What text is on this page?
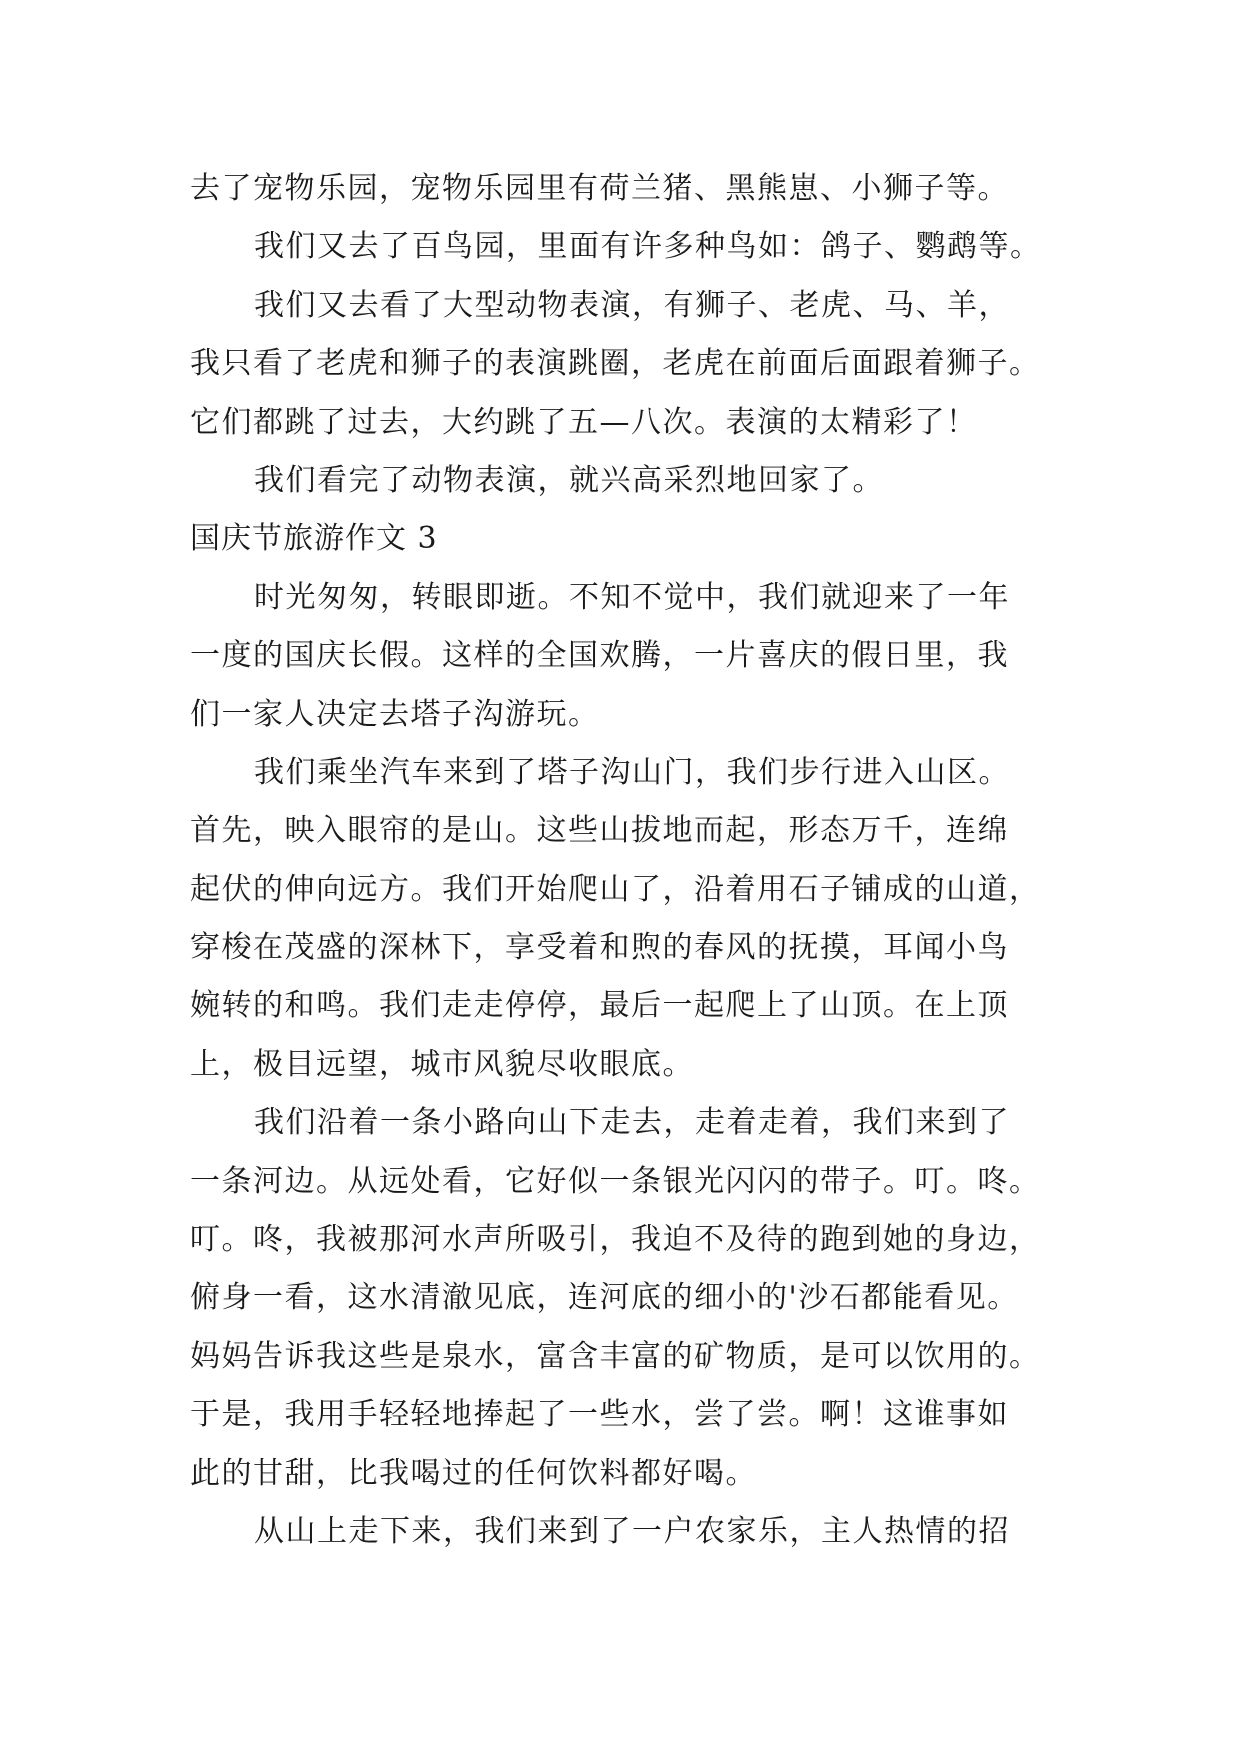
去了宠物乐园，宠物乐园里有荷兰猪、黑熊崽、小狮子等。
我们又去了百鸟园，里面有许多种鸟如：鸽子、鹦鹉等。
我们又去看了大型动物表演，有狮子、老虎、马、羊，
我只看了老虎和狮子的表演跳圈，老虎在前面后面跟着狮子。
它们都跳了过去，大约跳了五—八次。表演的太精彩了！
我们看完了动物表演，就兴高采烈地回家了。
国庆节旅游作文 3
时光匆匆，转眼即逝。不知不觉中，我们就迎来了一年
一度的国庆长假。这样的全国欢腾，一片喜庆的假日里，我
们一家人决定去塔子沟游玩。
我们乘坐汽车来到了塔子沟山门，我们步行进入山区。
首先，映入眼帘的是山。这些山拔地而起，形态万千，连绵
起伏的伸向远方。我们开始爬山了，沿着用石子铺成的山道，
穿梭在茂盛的深林下，享受着和煦的春风的抚摸，耳闻小鸟
婉转的和鸣。我们走走停停，最后一起爬上了山顶。在上顶
上，极目远望，城市风貌尽收眼底。
我们沿着一条小路向山下走去，走着走着，我们来到了
一条河边。从远处看，它好似一条银光闪闪的带子。叮。咚。
叮。咚，我被那河水声所吸引，我迫不及待的跑到她的身边，
俯身一看，这水清澈见底，连河底的细小的'沙石都能看见。
妈妈告诉我这些是泉水，富含丰富的矿物质，是可以饮用的。
于是，我用手轻轻地捧起了一些水，尝了尝。啊！这谁事如
此的甘甜，比我喝过的任何饮料都好喝。
从山上走下来，我们来到了一户农家乐，主人热情的招
